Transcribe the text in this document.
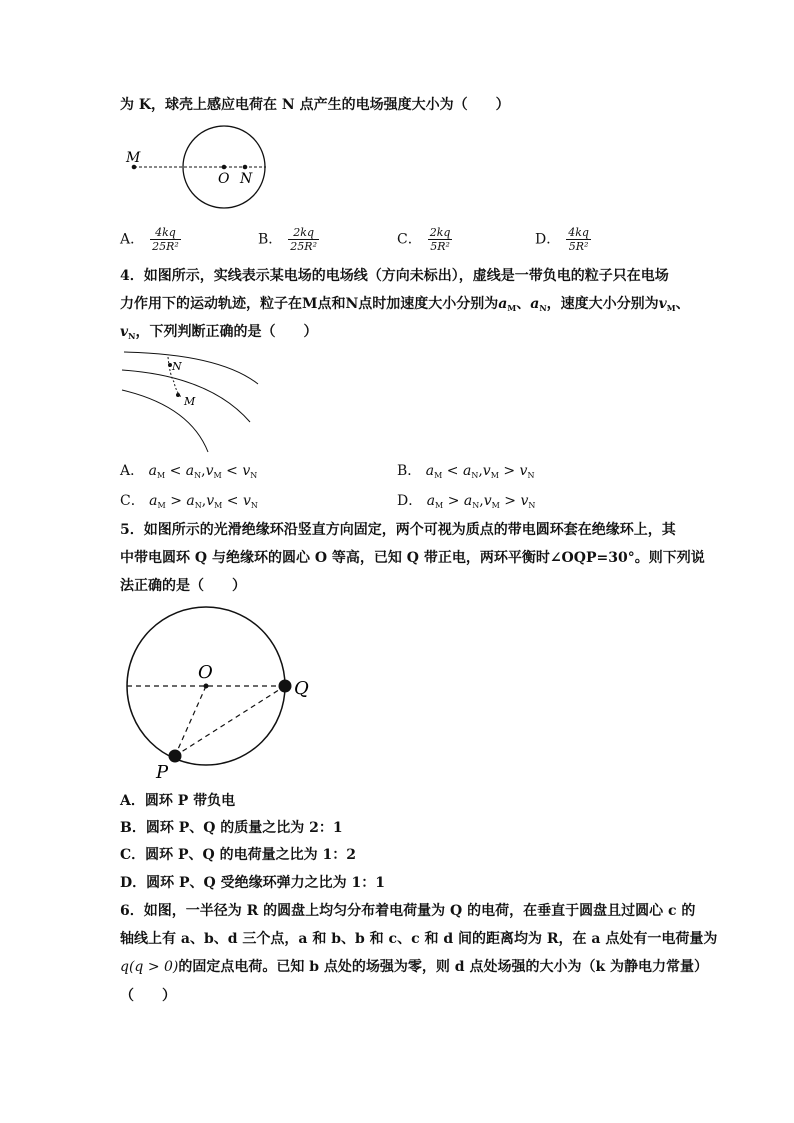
为 K，球壳上感应电荷在 N 点产生的电场强度大小为（　　）
M
O N
A． $\frac{4kq}{\text{25R²}}$	B． $\frac{2kq}{\text{25R²}}$	C． $\frac{2kq}{\text{5R²}}$	D． $\frac{4kq}{\text{5R²}}$
4．如图所示，实线表示某电场的电场线（方向未标出），虚线是一带负电的粒子只在电场
力作用下的运动轨迹，粒子在M点和N点时加速度大小分别为$a_M$、$a_N$，速度大小分别为$v_M$、
$v_N$，下列判断正确的是（　　）
N
M
A． $a_M < a_N,v_M < v_N$	B． $a_M < a_N,v_M > v_N$
C． $a_M > a_N,v_M < v_N$	D． $a_M > a_N,v_M > v_N$
5．如图所示的光滑绝缘环沿竖直方向固定，两个可视为质点的带电圆环套在绝缘环上，其
中带电圆环 Q 与绝缘环的圆心 O 等高，已知 Q 带正电，两环平衡时∠OQP=30°。则下列说
法正确的是（　　）
O
Q
P
A．圆环 P 带负电
B．圆环 P、Q 的质量之比为 2：1
C．圆环 P、Q 的电荷量之比为 1：2
D．圆环 P、Q 受绝缘环弹力之比为 1：1
6．如图，一半径为 R 的圆盘上均匀分布着电荷量为 Q 的电荷，在垂直于圆盘且过圆心 c 的
轴线上有 a、b、d 三个点，a 和 b、b 和 c、c 和 d 间的距离均为 R，在 a 点处有一电荷量为
q(q > 0)的固定点电荷。已知 b 点处的场强为零，则 d 点处场强的大小为（k 为静电力常量）
（　　）
